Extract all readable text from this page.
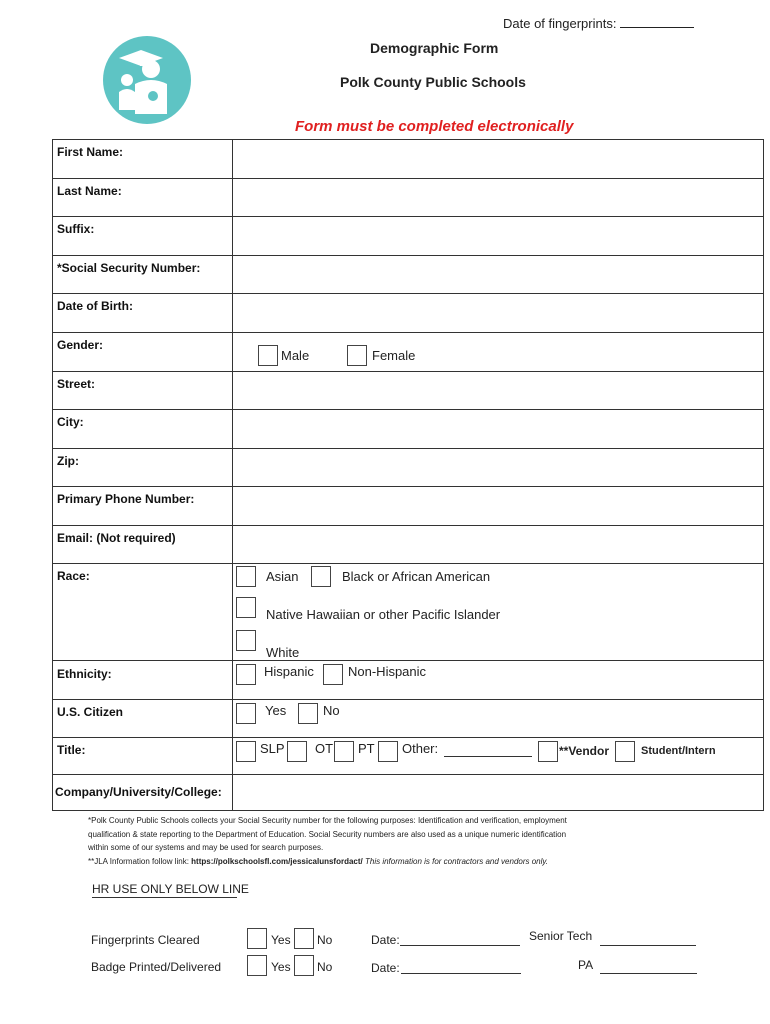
Date of fingerprints:
Demographic Form
Polk County Public Schools
Form must be completed electronically
First Name:
Last Name:
Suffix:
*Social Security Number:
Date of Birth:
Gender:
Male	Female
Street:
City:
Zip:
Primary Phone Number:
Email: (Not required)
Race:	Asian	Black or African American
Native Hawaiian or other Pacific Islander
White
Ethnicity:	Hispanic	Non-Hispanic
U.S. Citizen	Yes	No
Title:	SLP OT PT Other:	**Vendor	Student/Intern
Company/University/College:

*Polk County Public Schools collects your Social Security number for the following purposes: Identification and verification, employment

qualification & state reporting to the Department of Education. Social Security numbers are also used as a unique numeric identification

within some of our systems and may be used for search purposes.

**JLA Information follow link: https://polkschoolsfl.com/jessicalunsfordact/ This information is for contractors and vendors only.

HR USE ONLY BELOW LINE
Fingerprints Cleared	Yes No	Date:	Senior Tech
Badge Printed/Delivered	Yes No	Date:	PA
